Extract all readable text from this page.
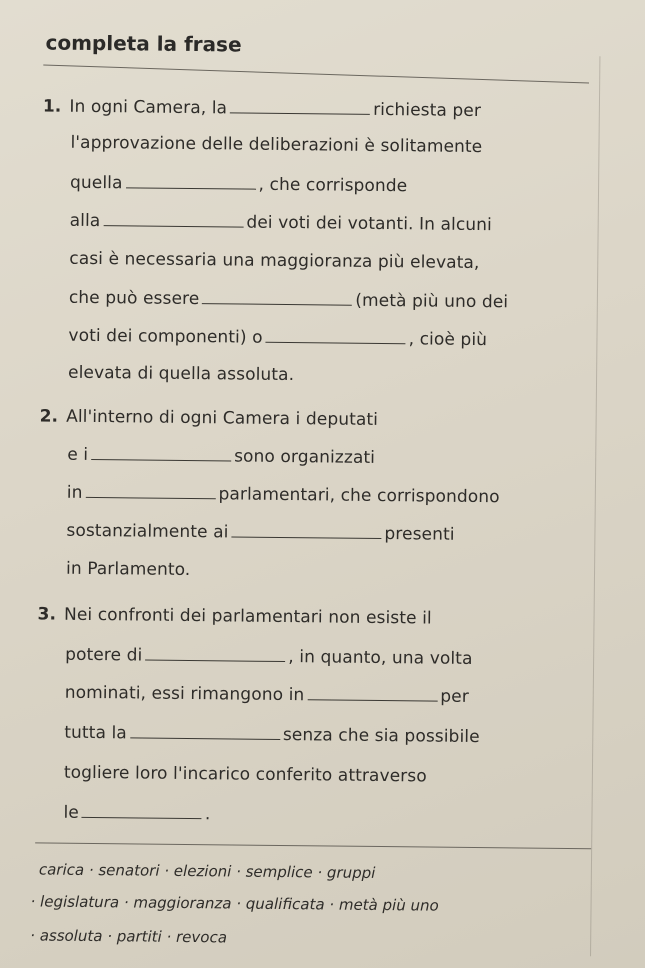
completa la frase
1. In ogni Camera, la	richiesta per
l'approvazione delle deliberazioni è solitamente
quella	, che corrisponde
alla	dei voti dei votanti. In alcuni
casi è necessaria una maggioranza più elevata,
che può essere	(metà più uno dei
voti dei componenti) o	, cioè più
elevata di quella assoluta.
2. All'interno di ogni Camera i deputati
e i	sono organizzati
in	parlamentari, che corrispondono
sostanzialmente ai	presenti
in Parlamento.
3. Nei confronti dei parlamentari non esiste il
potere di	, in quanto, una volta
nominati, essi rimangono in	per
tutta la	senza che sia possibile
togliere loro l'incarico conferito attraverso
le	.
carica · senatori · elezioni · semplice · gruppi
· legislatura · maggioranza · qualificata · metà più uno
· assoluta · partiti · revoca
